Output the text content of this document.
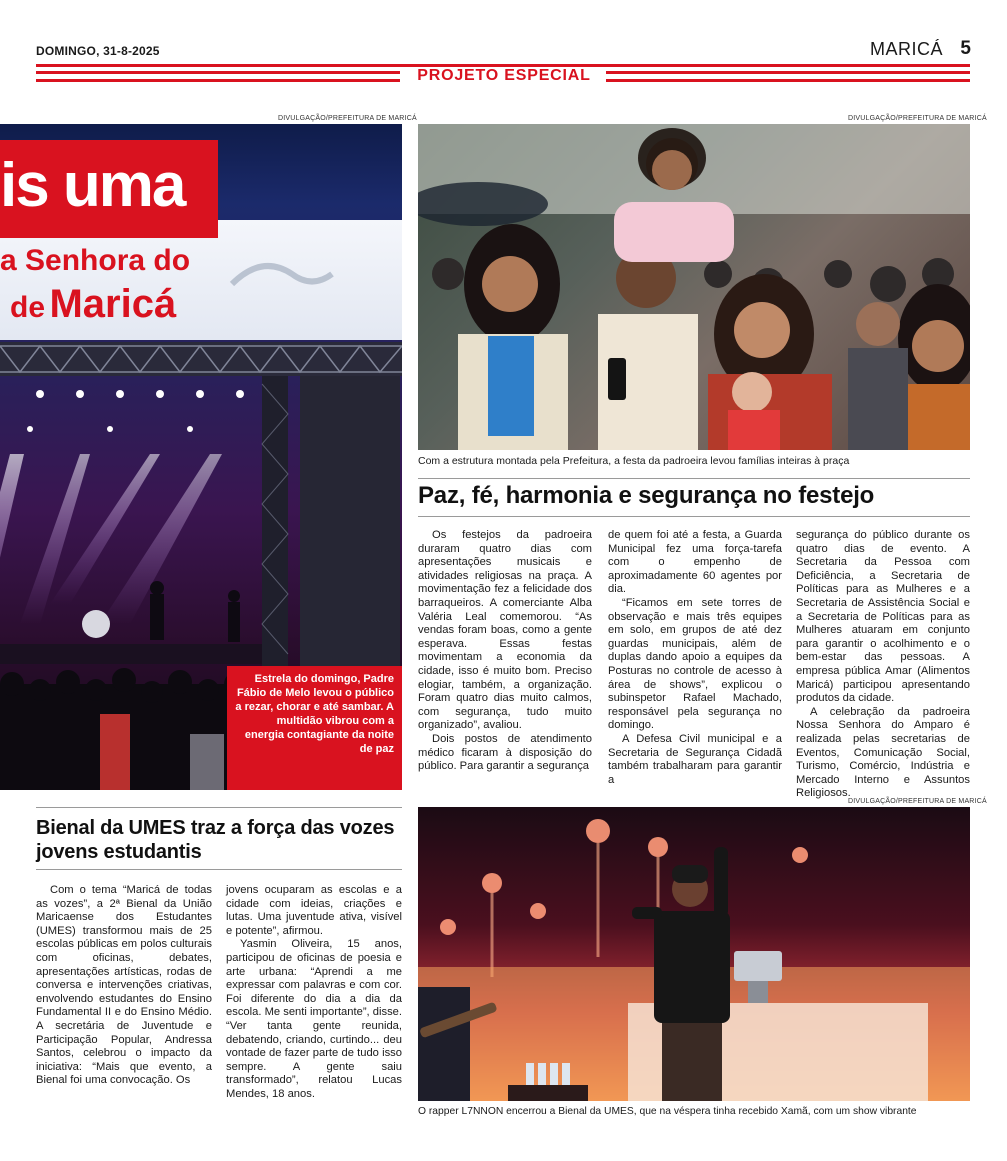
DOMINGO, 31-8-2025	MARICÁ 5
PROJETO ESPECIAL
DIVULGAÇÃO/PREFEITURA DE MARICÁ
is uma
a Senhora do
de Maricá
Estrela do domingo, Padre Fábio de Melo levou o público a rezar, chorar e até sambar. A multidão vibrou com a energia contagiante da noite de paz
DIVULGAÇÃO/PREFEITURA DE MARICÁ
Com a estrutura montada pela Prefeitura, a festa da padroeira levou famílias inteiras à praça
Paz, fé, harmonia e segurança no festejo

Os festejos da padroeira duraram quatro dias com apresentações musicais e atividades religiosas na praça. A movimentação fez a felicidade dos barraqueiros. A comerciante Alba Valéria Leal comemorou. “As vendas foram boas, como a gente esperava. Essas festas movimentam a economia da cidade, isso é muito bom. Preciso elogiar, também, a organização. Foram quatro dias muito calmos, com segurança, tudo muito organizado”, avaliou.

Dois postos de atendimento médico ficaram à disposição do público. Para garantir a segurança

de quem foi até a festa, a Guarda Municipal fez uma força-tarefa com o empenho de aproximadamente 60 agentes por dia.

“Ficamos em sete torres de observação e mais três equipes em solo, em grupos de até dez guardas municipais, além de duplas dando apoio a equipes da Posturas no controle de acesso à área de shows”, explicou o subinspetor Rafael Machado, responsável pela segurança no domingo.

A Defesa Civil municipal e a Secretaria de Segurança Cidadã também trabalharam para garantir a

segurança do público durante os quatro dias de evento. A Secretaria da Pessoa com Deficiência, a Secretaria de Políticas para as Mulheres e a Secretaria de Assistência Social e a Secretaria de Políticas para as Mulheres atuaram em conjunto para garantir o acolhimento e o bem-estar das pessoas. A empresa pública Amar (Alimentos Maricá) participou apresentando produtos da cidade.

A celebração da padroeira Nossa Senhora do Amparo é realizada pelas secretarias de Eventos, Comunicação Social, Turismo, Comércio, Indústria e Mercado Interno e Assuntos Religiosos.

Bienal da UMES traz a força das vozes jovens estudantis

Com o tema “Maricá de todas as vozes”, a 2ª Bienal da União Maricaense dos Estudantes (UMES) transformou mais de 25 escolas públicas em polos culturais com oficinas, debates, apresentações artísticas, rodas de conversa e intervenções criativas, envolvendo estudantes do Ensino Fundamental II e do Ensino Médio. A secretária de Juventude e Participação Popular, Andressa Santos, celebrou o impacto da iniciativa: “Mais que evento, a Bienal foi uma convocação. Os

jovens ocuparam as escolas e a cidade com ideias, criações e lutas. Uma juventude ativa, visível e potente”, afirmou.

Yasmin Oliveira, 15 anos, participou de oficinas de poesia e arte urbana: “Aprendi a me expressar com palavras e com cor. Foi diferente do dia a dia da escola. Me senti importante”, disse. “Ver tanta gente reunida, debatendo, criando, curtindo... deu vontade de fazer parte de tudo isso sempre. A gente saiu transformado”, relatou Lucas Mendes, 18 anos.

DIVULGAÇÃO/PREFEITURA DE MARICÁ
O rapper L7NNON encerrou a Bienal da UMES, que na véspera tinha recebido Xamã, com um show vibrante
